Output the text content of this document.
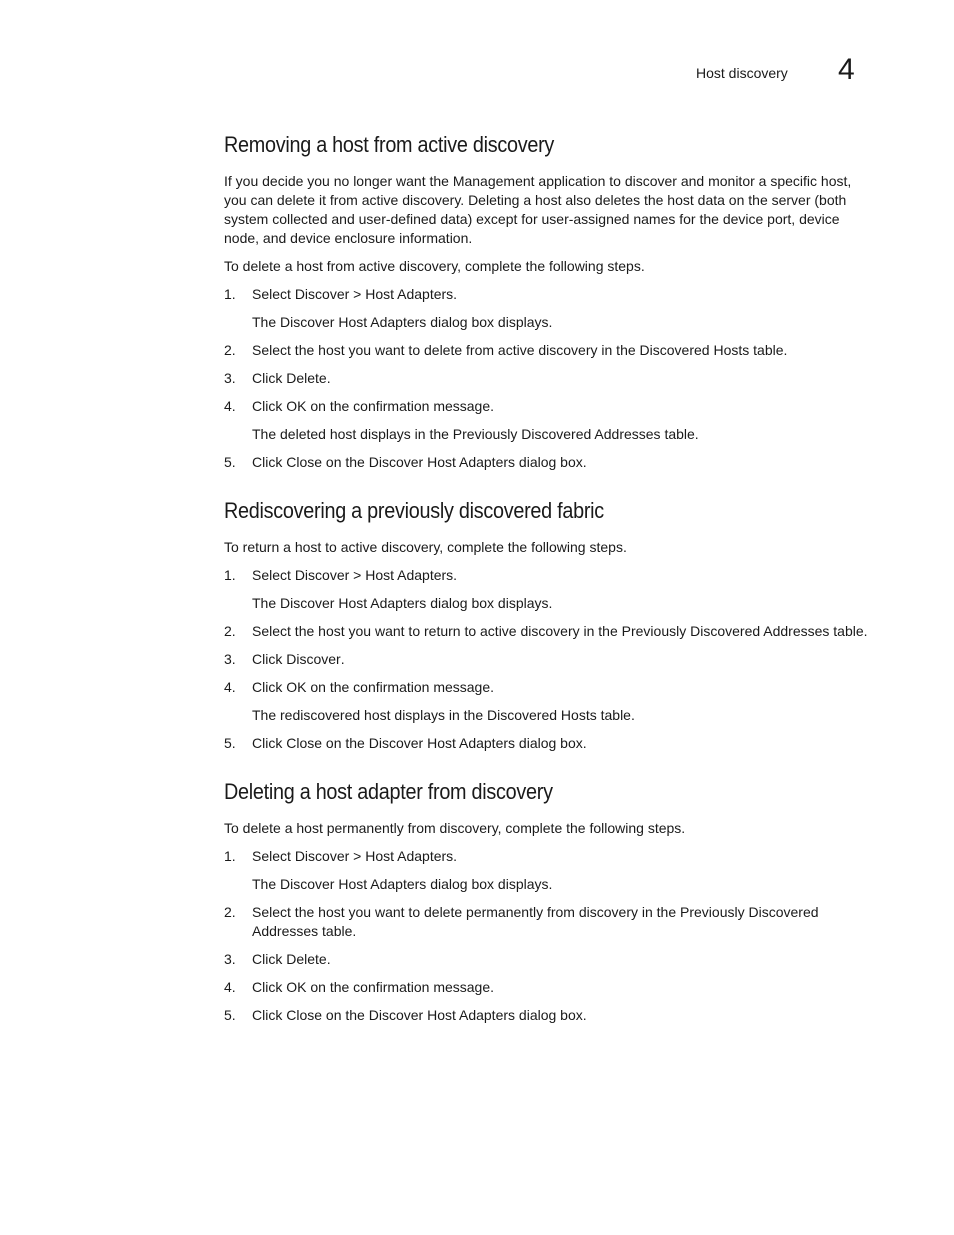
Host discovery 4
Removing a host from active discovery

If you decide you no longer want the Management application to discover and monitor a specific host, you can delete it from active discovery. Deleting a host also deletes the host data on the server (both system collected and user-defined data) except for user-assigned names for the device port, device node, and device enclosure information.

To delete a host from active discovery, complete the following steps.

1.	Select Discover > Host Adapters.
The Discover Host Adapters dialog box displays.
2.	Select the host you want to delete from active discovery in the Discovered Hosts table.
3.	Click Delete.
4.	Click OK on the confirmation message.
The deleted host displays in the Previously Discovered Addresses table.
5.	Click Close on the Discover Host Adapters dialog box.
Rediscovering a previously discovered fabric

To return a host to active discovery, complete the following steps.

1.	Select Discover > Host Adapters.
The Discover Host Adapters dialog box displays.
2.	Select the host you want to return to active discovery in the Previously Discovered Addresses table.
3.	Click Discover.
4.	Click OK on the confirmation message.
The rediscovered host displays in the Discovered Hosts table.
5.	Click Close on the Discover Host Adapters dialog box.
Deleting a host adapter from discovery

To delete a host permanently from discovery, complete the following steps.

1.	Select Discover > Host Adapters.
The Discover Host Adapters dialog box displays.
2.	Select the host you want to delete permanently from discovery in the Previously Discovered Addresses table.
3.	Click Delete.
4.	Click OK on the confirmation message.
5.	Click Close on the Discover Host Adapters dialog box.
